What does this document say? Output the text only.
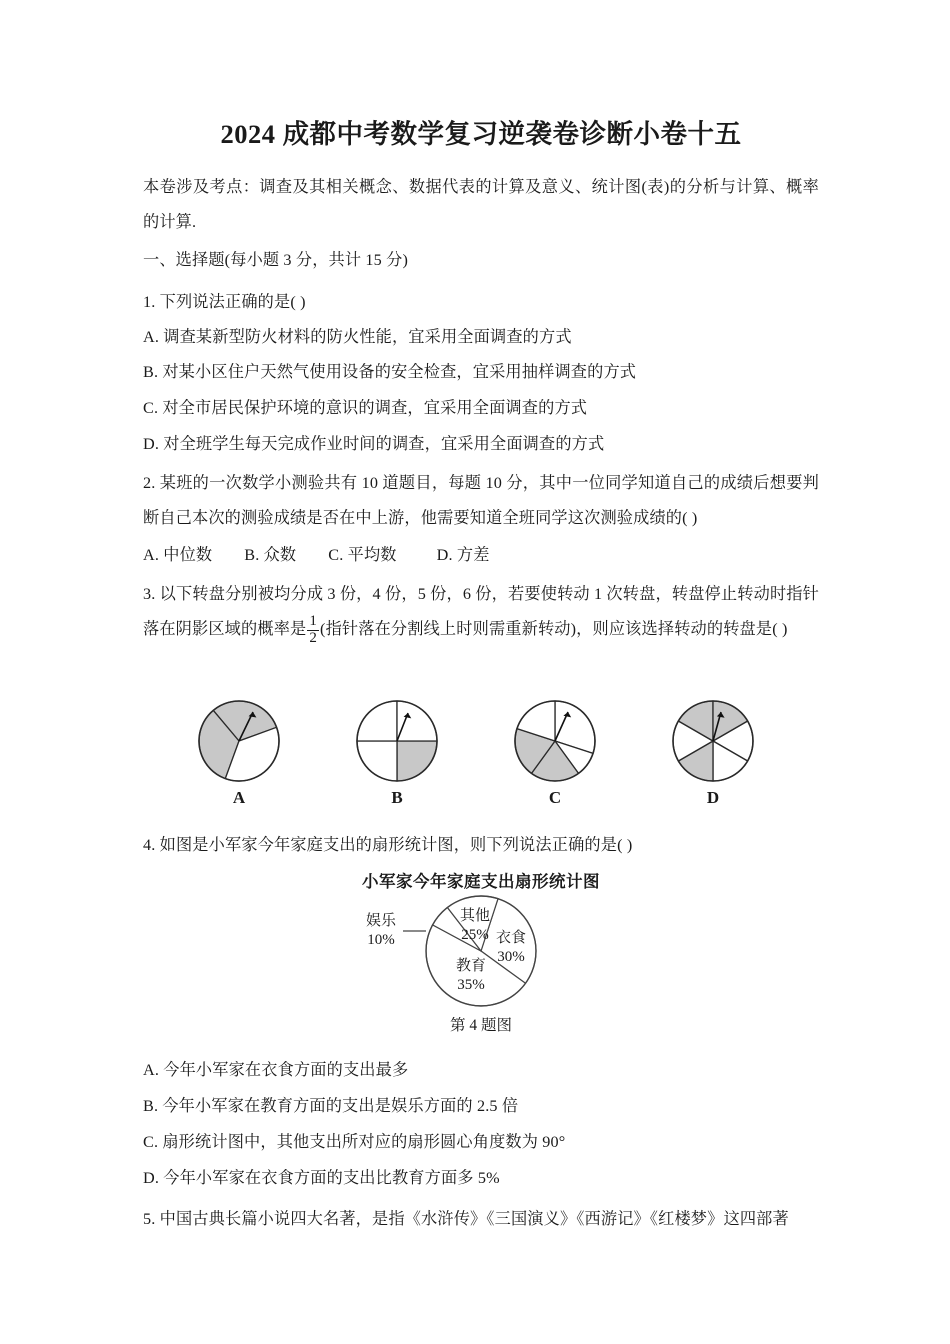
2024 成都中考数学复习逆袭卷诊断小卷十五

本卷涉及考点：调查及其相关概念、数据代表的计算及意义、统计图(表)的分析与计算、概率的计算.

一、选择题(每小题 3 分，共计 15 分)

1. 下列说法正确的是( )

A. 调查某新型防火材料的防火性能，宜采用全面调查的方式

B. 对某小区住户天然气使用设备的安全检查，宜采用抽样调查的方式

C. 对全市居民保护环境的意识的调查，宜采用全面调查的方式

D. 对全班学生每天完成作业时间的调查，宜采用全面调查的方式

2. 某班的一次数学小测验共有 10 道题目，每题 10 分，其中一位同学知道自己的成绩后想要判断自己本次的测验成绩是否在中上游，他需要知道全班同学这次测验成绩的( )

A. 中位数 B. 众数 C. 平均数 D. 方差

3. 以下转盘分别被均分成 3 份，4 份，5 份，6 份，若要使转动 1 次转盘，转盘停止转动时指针落在阴影区域的概率是 $\frac{1}{2}$ (指针落在分割线上时则需重新转动)，则应该选择转动的转盘是( )

A	B	C	D

4. 如图是小军家今年家庭支出的扇形统计图，则下列说法正确的是( )

小军家今年家庭支出扇形统计图
其他
25% 衣食
30%
教育
35%
娱乐
10%
第 4 题图

A. 今年小军家在衣食方面的支出最多

B. 今年小军家在教育方面的支出是娱乐方面的 2.5 倍

C. 扇形统计图中，其他支出所对应的扇形圆心角度数为 90°

D. 今年小军家在衣食方面的支出比教育方面多 5%

5. 中国古典长篇小说四大名著，是指《水浒传》《三国演义》《西游记》《红楼梦》这四部著
